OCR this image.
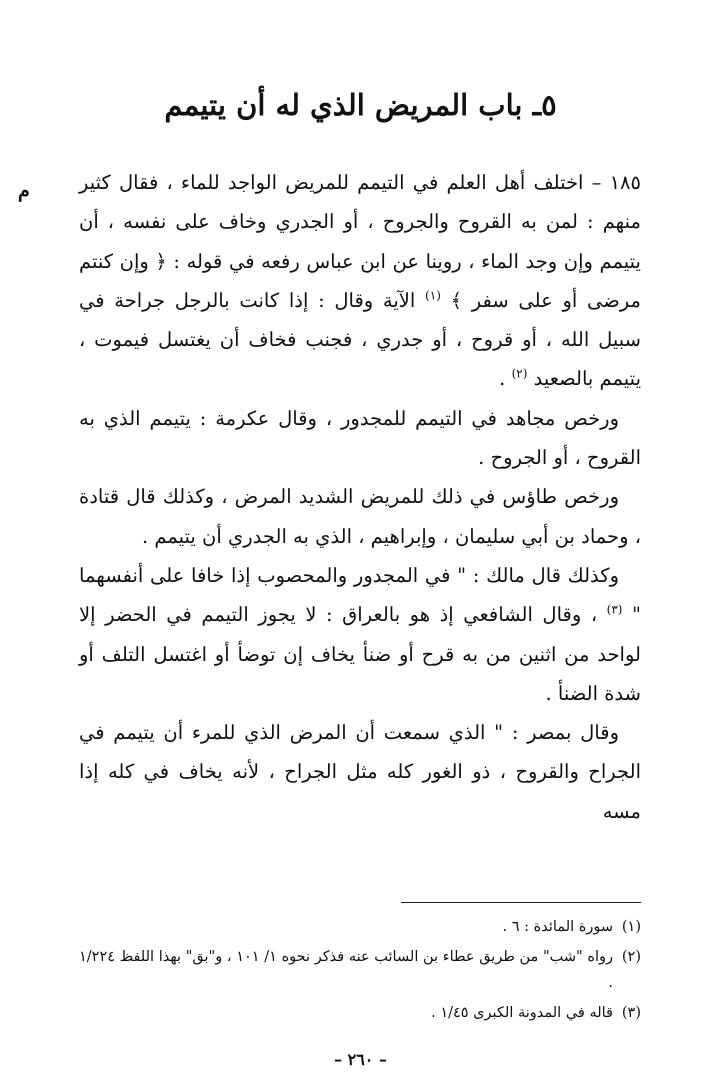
٥ـ باب المريض الذي له أن يتيمم
م	١٨٥ – اختلف أهل العلم في التيمم للمريض الواجد للماء ، فقال كثير منهم : لمن به القروح والجروح ، أو الجدري وخاف على نفسه ، أن يتيمم وإن وجد الماء ، روينا عن ابن عباس رفعه في قوله : ﴿ وإن كنتم مرضى أو على سفر ﴾ $^{(١)}$ الآية وقال : إذا كانت بالرجل جراحة في سبيل الله ، أو قروح ، أو جدري ، فجنب فخاف أن يغتسل فيموت ، يتيمم بالصعيد $^{(٢)}$ .

ورخص مجاهد في التيمم للمجدور ، وقال عكرمة : يتيمم الذي به القروح ، أو الجروح .

ورخص طاؤس في ذلك للمريض الشديد المرض ، وكذلك قال قتادة ، وحماد بن أبي سليمان ، وإبراهيم ، الذي به الجدري أن يتيمم .

وكذلك قال مالك : " في المجدور والمحصوب إذا خافا على أنفسهما " $^{(٣)}$ ، وقال الشافعي إذ هو بالعراق : لا يجوز التيمم في الحضر إلا لواحد من اثنين من به قرح أو ضنأ يخاف إن توضأ أو اغتسل التلف أو شدة الضنأ .

وقال بمصر : " الذي سمعت أن المرض الذي للمرء أن يتيمم في الجراح والقروح ، ذو الغور كله مثل الجراح ، لأنه يخاف في كله إذا مسه

(١)
سورة المائدة : ٦ .
(٢)
رواه "شب" من طريق عطاء بن السائب عنه فذكر نحوه ١/ ١٠١ ، و"بق" بهذا اللفظ ١/٢٢٤ .
(٣)
قاله في المدونة الكبرى ١/٤٥ .
– ٢٦٠ –
